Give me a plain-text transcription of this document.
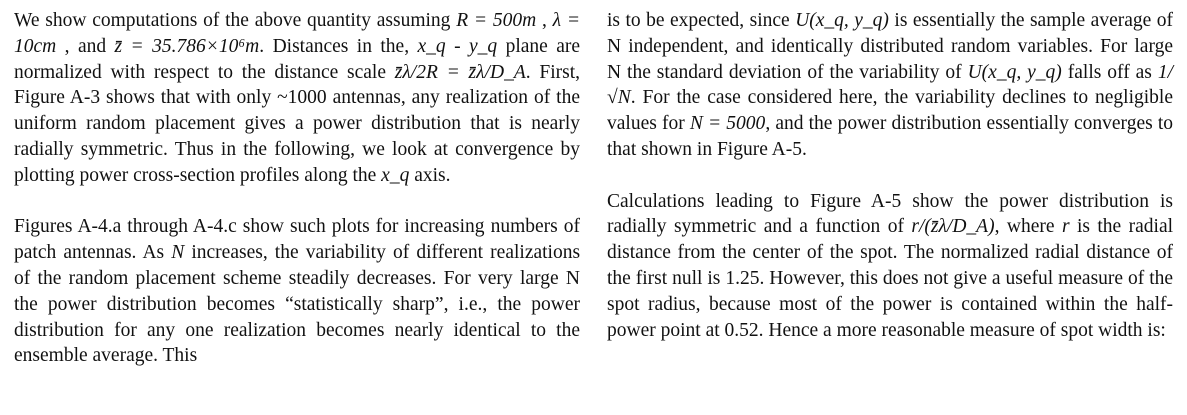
We show computations of the above quantity assuming R = 500m , λ = 10cm , and z̄ = 35.786×10⁶m. Distances in the, x_q - y_q plane are normalized with respect to the distance scale z̄λ/2R = z̄λ/D_A. First, Figure A-3 shows that with only ~1000 antennas, any realization of the uniform random placement gives a power distribution that is nearly radially symmetric. Thus in the following, we look at convergence by plotting power cross-section profiles along the x_q axis.

Figures A-4.a through A-4.c show such plots for increasing numbers of patch antennas. As N increases, the variability of different realizations of the random placement scheme steadily decreases. For very large N the power distribution becomes “statistically sharp”, i.e., the power distribution for any one realization becomes nearly identical to the ensemble average. This

is to be expected, since U(x_q, y_q) is essentially the sample average of N independent, and identically distributed random variables. For large N the standard deviation of the variability of U(x_q, y_q) falls off as 1/√N. For the case considered here, the variability declines to negligible values for N = 5000, and the power distribution essentially converges to that shown in Figure A-5.

Calculations leading to Figure A-5 show the power distribution is radially symmetric and a function of r/(z̄λ/D_A), where r is the radial distance from the center of the spot. The normalized radial distance of the first null is 1.25. However, this does not give a useful measure of the spot radius, because most of the power is contained within the half-power point at 0.52. Hence a more reasonable measure of spot width is:
